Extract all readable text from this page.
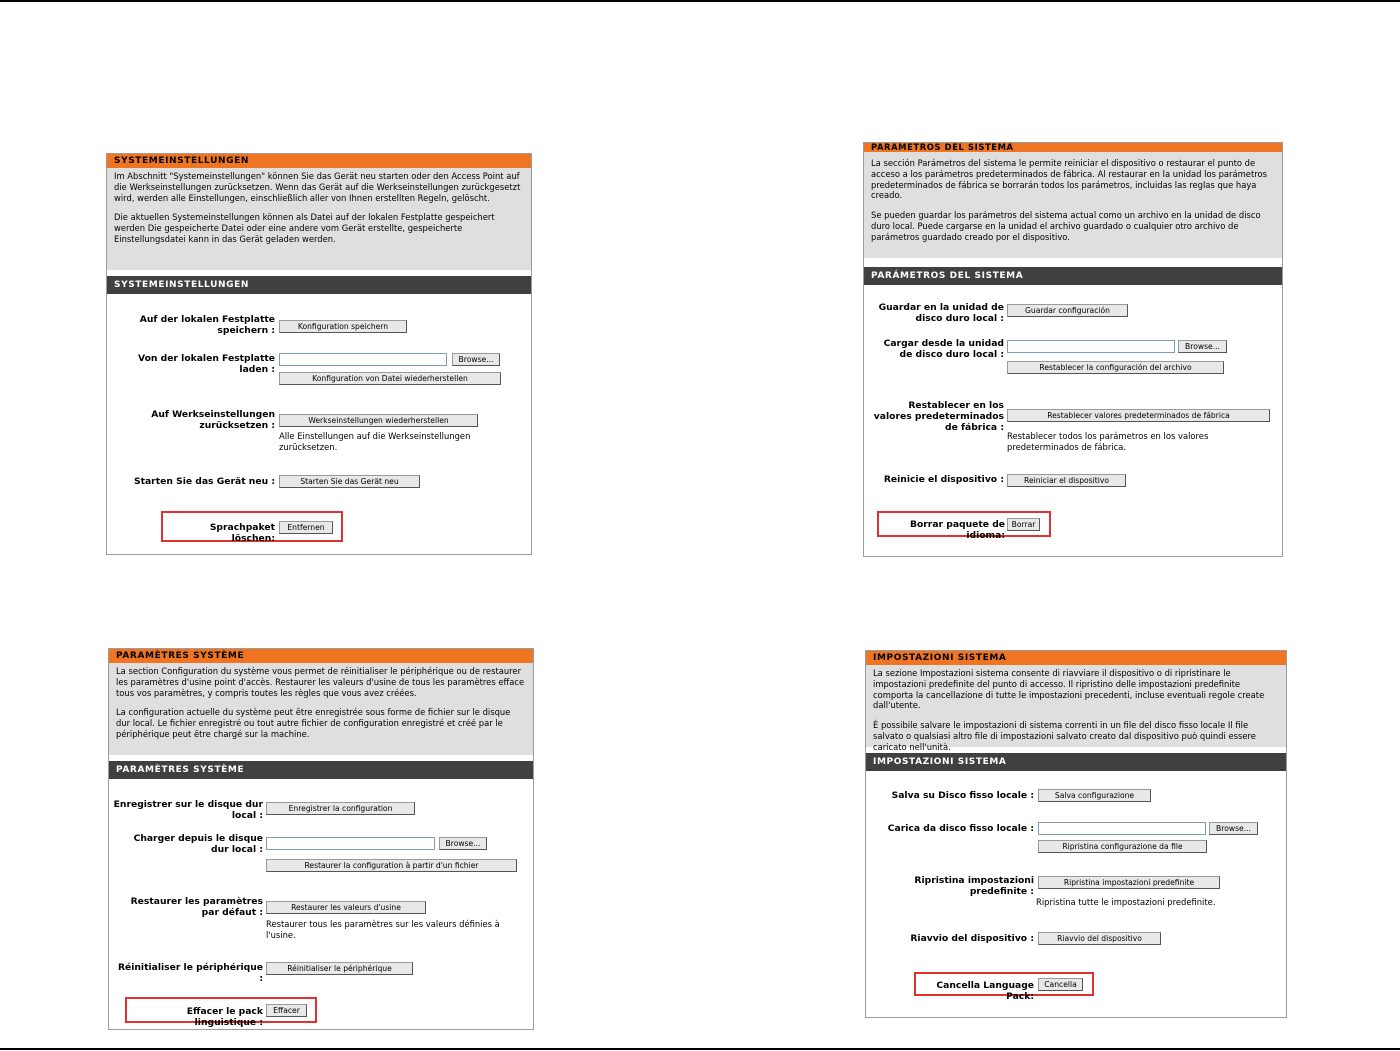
SYSTEMEINSTELLUNGEN

Im Abschnitt "Systemeinstellungen" können Sie das Gerät neu starten oder den Access Point auf die Werkseinstellungen zurücksetzen. Wenn das Gerät auf die Werkseinstellungen zurückgesetzt wird, werden alle Einstellungen, einschließlich aller von Ihnen erstellten Regeln, gelöscht.

Die aktuellen Systemeinstellungen können als Datei auf der lokalen Festplatte gespeichert werden Die gespeicherte Datei oder eine andere vom Gerät erstellte, gespeicherte Einstellungsdatei kann in das Gerät geladen werden.

SYSTEMEINSTELLUNGEN
Auf der lokalen Festplatte speichern :	Konfiguration speichern
Von der lokalen Festplatte laden :
Browse...
Konfiguration von Datei wiederherstellen
Auf Werkseinstellungen zurücksetzen :	Werkseinstellungen wiederherstellen
Alle Einstellungen auf die Werkseinstellungen zurücksetzen.
Starten Sie das Gerät neu :	Starten Sie das Gerät neu
Sprachpaket löschen:
Entfernen
PARAMETROS DEL SISTEMA

La sección Parámetros del sistema le permite reiniciar el dispositivo o restaurar el punto de acceso a los parámetros predeterminados de fábrica. Al restaurar en la unidad los parámetros predeterminados de fábrica se borrarán todos los parámetros, incluidas las reglas que haya creado.

Se pueden guardar los parámetros del sistema actual como un archivo en la unidad de disco duro local. Puede cargarse en la unidad el archivo guardado o cualquier otro archivo de parámetros guardado creado por el dispositivo.

PARÁMETROS DEL SISTEMA
Guardar en la unidad de disco duro local :
Guardar configuración
Cargar desde la unidad de disco duro local :
Browse...
Restablecer la configuración del archivo
Restablecer en los valores predeterminados de fábrica :
Restablecer valores predeterminados de fábrica
Restablecer todos los parámetros en los valores predeterminados de fábrica.
Reinicie el dispositivo :	Reiniciar el dispositivo
Borrar paquete de idioma:
Borrar
PARAMÈTRES SYSTÈME

La section Configuration du système vous permet de réinitialiser le périphérique ou de restaurer les paramètres d'usine point d'accès. Restaurer les valeurs d'usine de tous les paramètres efface tous vos paramètres, y compris toutes les règles que vous avez créées.

La configuration actuelle du système peut être enregistrée sous forme de fichier sur le disque dur local. Le fichier enregistré ou tout autre fichier de configuration enregistré et créé par le périphérique peut être chargé sur la machine.

PARAMÈTRES SYSTÈME
Enregistrer sur le disque dur local :
Enregistrer la configuration
Charger depuis le disque dur local :
Browse...
Restaurer la configuration à partir d'un fichier
Restaurer les paramètres par défaut :	Restaurer les valeurs d'usine
Restaurer tous les paramètres sur les valeurs définies à l'usine.
Réinitialiser le périphérique :
Réinitialiser le périphérique
Effacer le pack linguistique :
Effacer
IMPOSTAZIONI SISTEMA

La sezione Impostazioni sistema consente di riavviare il dispositivo o di ripristinare le impostazioni predefinite del punto di accesso. Il ripristino delle impostazioni predefinite comporta la cancellazione di tutte le impostazioni precedenti, incluse eventuali regole create dall'utente.

È possibile salvare le impostazioni di sistema correnti in un file del disco fisso locale Il file salvato o qualsiasi altro file di impostazioni salvato creato dal dispositivo può quindi essere caricato nell'unità.

IMPOSTAZIONI SISTEMA
Salva su Disco fisso locale :	Salva configurazione
Carica da disco fisso locale :	Browse...
Ripristina configurazione da file
Ripristina impostazioni predefinite :
Ripristina impostazioni predefinite
Ripristina tutte le impostazioni predefinite.
Riavvio del dispositivo :	Riavvio del dispositivo
Cancella Language Pack:
Cancella
